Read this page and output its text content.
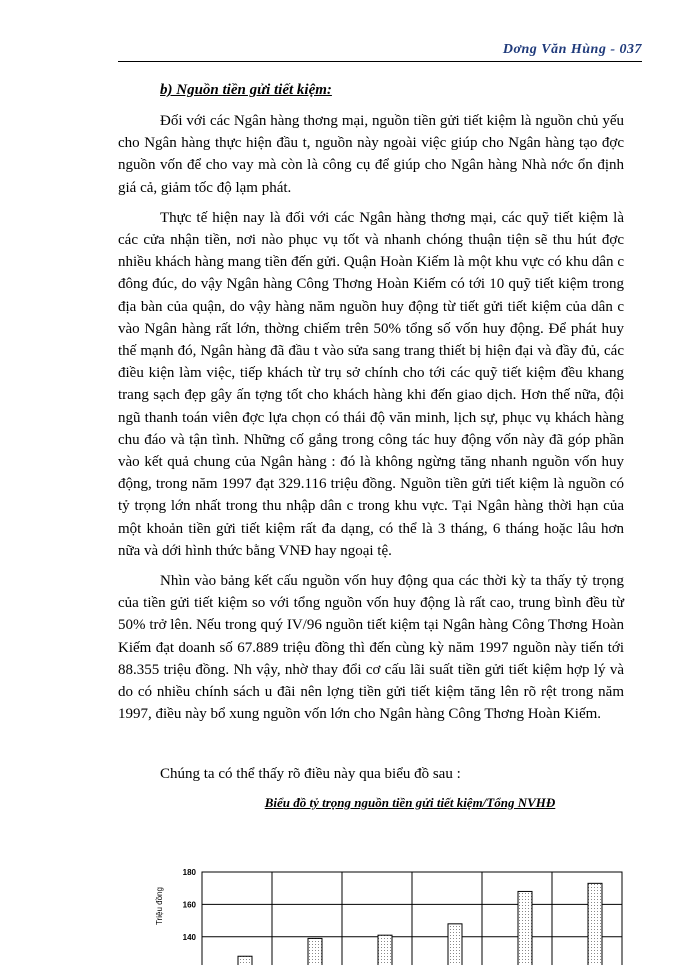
Dơng Văn Hùng - 037
b) Nguồn tiền gửi tiết kiệm:

Đối với các Ngân hàng thơng mại, nguồn tiền gửi tiết kiệm là nguồn chủ yếu cho Ngân hàng thực hiện đầu t, nguồn này ngoài việc giúp cho Ngân hàng tạo đợc nguồn vốn để cho vay mà còn là công cụ để giúp cho Ngân hàng Nhà nớc ổn định giá cả, giảm tốc độ lạm phát.

Thực tế hiện nay là đối với các Ngân hàng thơng mại, các quỹ tiết kiệm là các cửa nhận tiền, nơi nào phục vụ tốt và nhanh chóng thuận tiện sẽ thu hút đợc nhiều khách hàng mang tiền đến gửi. Quận Hoàn Kiếm là một khu vực có khu dân c đông đúc, do vậy Ngân hàng Công Thơng Hoàn Kiếm có tới 10 quỹ tiết kiệm trong địa bàn của quận, do vậy hàng năm nguồn huy động từ tiết gửi tiết kiệm của dân c vào Ngân hàng rất lớn, thờng chiếm trên 50% tổng số vốn huy động. Để phát huy thế mạnh đó, Ngân hàng đã đầu t vào sửa sang trang thiết bị hiện đại và đầy đủ, các điều kiện làm việc, tiếp khách từ trụ sở chính cho tới các quỹ tiết kiệm đều khang trang sạch đẹp gây ấn tợng tốt cho khách hàng khi đến giao dịch. Hơn thế nữa, đội ngũ thanh toán viên đợc lựa chọn có thái độ văn minh, lịch sự, phục vụ khách hàng chu đáo và tận tình. Những cố gắng trong công tác huy động vốn này đã góp phần vào kết quả chung của Ngân hàng : đó là không ngừng tăng nhanh nguồn vốn huy động, trong năm 1997 đạt 329.116 triệu đồng. Nguồn tiền gửi tiết kiệm là nguồn có tỷ trọng lớn nhất trong thu nhập dân c trong khu vực. Tại Ngân hàng thời hạn của một khoản tiền gửi tiết kiệm rất đa dạng, có thể là 3 tháng, 6 tháng hoặc lâu hơn nữa và dới hình thức bằng VNĐ hay ngoại tệ.

Nhìn vào bảng kết cấu nguồn vốn huy động qua các thời kỳ ta thấy tỷ trọng của tiền gửi tiết kiệm so với tổng nguồn vốn huy động là rất cao, trung bình đều từ 50% trở lên. Nếu trong quý IV/96 nguồn tiết kiệm tại Ngân hàng Công Thơng Hoàn Kiếm đạt doanh số 67.889 triệu đồng thì đến cùng kỳ năm 1997 nguồn này tiến tới 88.355 triệu đồng. Nh vậy, nhờ thay đổi cơ cấu lãi suất tiền gửi tiết kiệm hợp lý và do có nhiều chính sách u đãi nên lợng tiền gửi tiết kiệm tăng lên rõ rệt trong năm 1997, điều này bổ xung nguồn vốn lớn cho Ngân hàng Công Thơng Hoàn Kiếm.

Chúng ta có thể thấy rõ điều này qua biểu đồ sau :
Biểu đồ tỷ trọng nguồn tiền gửi tiết kiệm/Tổng NVHĐ
Triệu đồng
180
160
140
